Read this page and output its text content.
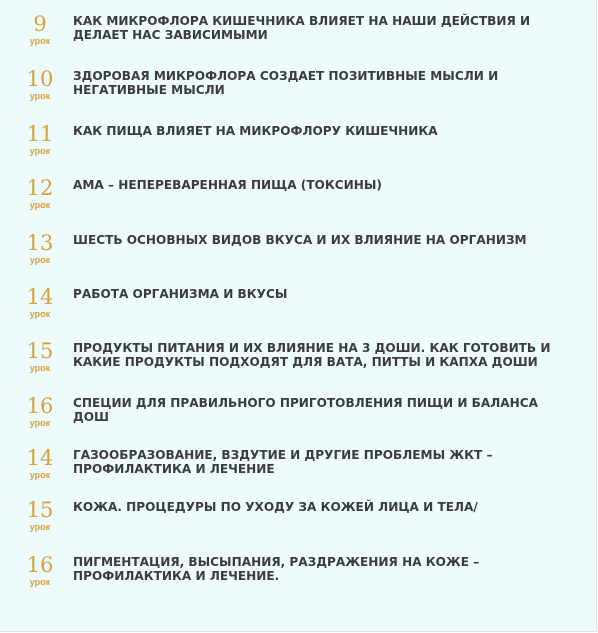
9
урок
КАК МИКРОФЛОРА КИШЕЧНИКА ВЛИЯЕТ НА НАШИ ДЕЙСТВИЯ И ДЕЛАЕТ НАС ЗАВИСИМЫМИ
10
урок
ЗДОРОВАЯ МИКРОФЛОРА СОЗДАЕТ ПОЗИТИВНЫЕ МЫСЛИ И НЕГАТИВНЫЕ МЫСЛИ
11
урок
КАК ПИЩА ВЛИЯЕТ НА МИКРОФЛОРУ КИШЕЧНИКА
12
урок
АМА – НЕПЕРЕВАРЕННАЯ ПИЩА (ТОКСИНЫ)
13
урок
ШЕСТЬ ОСНОВНЫХ ВИДОВ ВКУСА И ИХ ВЛИЯНИЕ НА ОРГАНИЗМ
14
урок
РАБОТА ОРГАНИЗМА И ВКУСЫ
15
урок
ПРОДУКТЫ ПИТАНИЯ И ИХ ВЛИЯНИЕ НА 3 ДОШИ. КАК ГОТОВИТЬ И КАКИЕ ПРОДУКТЫ ПОДХОДЯТ ДЛЯ ВАТА, ПИТТЫ И КАПХА ДОШИ
16
урок
СПЕЦИИ ДЛЯ ПРАВИЛЬНОГО ПРИГОТОВЛЕНИЯ ПИЩИ И БАЛАНСА ДОШ
14
урок
ГАЗООБРАЗОВАНИЕ, ВЗДУТИЕ И ДРУГИЕ ПРОБЛЕМЫ ЖКТ – ПРОФИЛАКТИКА И ЛЕЧЕНИЕ
15
урок
КОЖА. ПРОЦЕДУРЫ ПО УХОДУ ЗА КОЖЕЙ ЛИЦА И ТЕЛА/
16
урок
ПИГМЕНТАЦИЯ, ВЫСЫПАНИЯ, РАЗДРАЖЕНИЯ НА КОЖЕ – ПРОФИЛАКТИКА И ЛЕЧЕНИЕ.
